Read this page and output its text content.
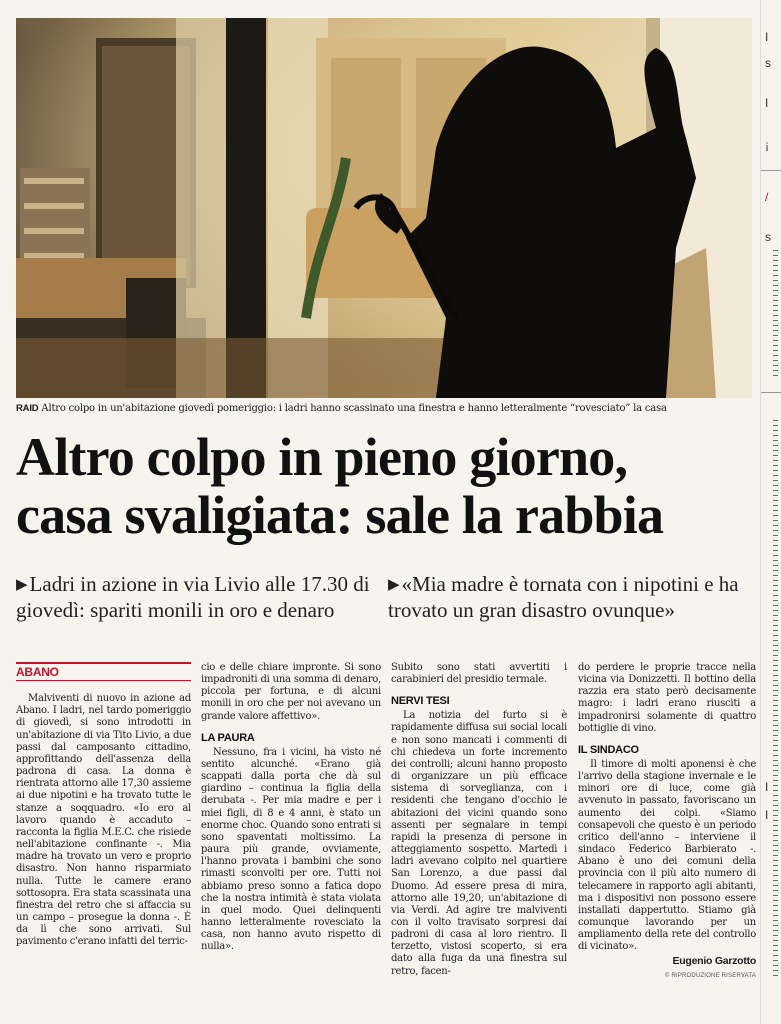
I
s
I
¡
/
s
I
I
RAID Altro colpo in un'abitazione giovedì pomeriggio: i ladri hanno scassinato una finestra e hanno letteralmente “rovesciato” la casa
Altro colpo in pieno giorno,
casa svaligiata: sale la rabbia
▶Ladri in azione in via Livio alle 17.30 di giovedì: spariti monili in oro e denaro
▶«Mia madre è tornata con i nipotini e ha trovato un gran disastro ovunque»
ABANO

Malviventi di nuovo in azione ad Abano. I ladri, nel tardo pomeriggio di giovedì, si sono introdotti in un'abitazione di via Tito Livio, a due passi dal camposanto cittadino, approfittando dell'assenza della padrona di casa. La donna è rientrata attorno alle 17,30 assieme ai due nipotini e ha trovato tutte le stanze a soqquadro. «Io ero al lavoro quando è accaduto – racconta la figlia M.E.C. che risiede nell'abitazione confinante -. Mia madre ha trovato un vero e proprio disastro. Non hanno risparmiato nulla. Tutte le camere erano sottosopra. Era stata scassinata una finestra del retro che si affaccia su un campo – prosegue la donna -. È da lì che sono arrivati. Sul pavimento c'erano infatti del terric-

cio e delle chiare impronte. Si sono impadroniti di una somma di denaro, piccola per fortuna, e di alcuni monili in oro che per noi avevano un grande valore affettivo».

LA PAURA

Nessuno, fra i vicini, ha visto né sentito alcunché. «Erano già scappati dalla porta che dà sul giardino – continua la figlia della derubata -. Per mia madre e per i miei figli, di 8 e 4 anni, è stato un enorme choc. Quando sono entrati si sono spaventati moltissimo. La paura più grande, ovviamente, l'hanno provata i bambini che sono rimasti sconvolti per ore. Tutti noi abbiamo preso sonno a fatica dopo che la nostra intimità è stata violata in quel modo. Quei delinquenti hanno letteralmente rovesciato la casa, non hanno avuto rispetto di nulla».

Subito sono stati avvertiti i carabinieri del presidio termale.

NERVI TESI

La notizia del furto si è rapidamente diffusa sui social locali e non sono mancati i commenti di chi chiedeva un forte incremento dei controlli; alcuni hanno proposto di organizzare un più efficace sistema di sorveglianza, con i residenti che tengano d'occhio le abitazioni dei vicini quando sono assenti per segnalare in tempi rapidi la presenza di persone in atteggiamento sospetto. Martedì i ladri avevano colpito nel quartiere San Lorenzo, a due passi dal Duomo. Ad essere presa di mira, attorno alle 19,20, un'abitazione di via Verdi. Ad agire tre malviventi con il volto travisato sorpresi dai padroni di casa al loro rientro. Il terzetto, vistosi scoperto, si era dato alla fuga da una finestra sul retro, facen-

do perdere le proprie tracce nella vicina via Donizzetti. Il bottino della razzia era stato però decisamente magro: i ladri erano riusciti a impadronirsi solamente di quattro bottiglie di vino.

IL SINDACO

Il timore di molti aponensi è che l'arrivo della stagione invernale e le minori ore di luce, come già avvenuto in passato, favoriscano un aumento dei colpi. «Siamo consapevoli che questo è un periodo critico dell'anno – interviene il sindaco Federico Barbierato -. Abano è uno dei comuni della provincia con il più alto numero di telecamere in rapporto agli abitanti, ma i dispositivi non possono essere installati dappertutto. Stiamo già comunque lavorando per un ampliamento della rete del controllo di vicinato».

Eugenio Garzotto
© RIPRODUZIONE RISERVATA
